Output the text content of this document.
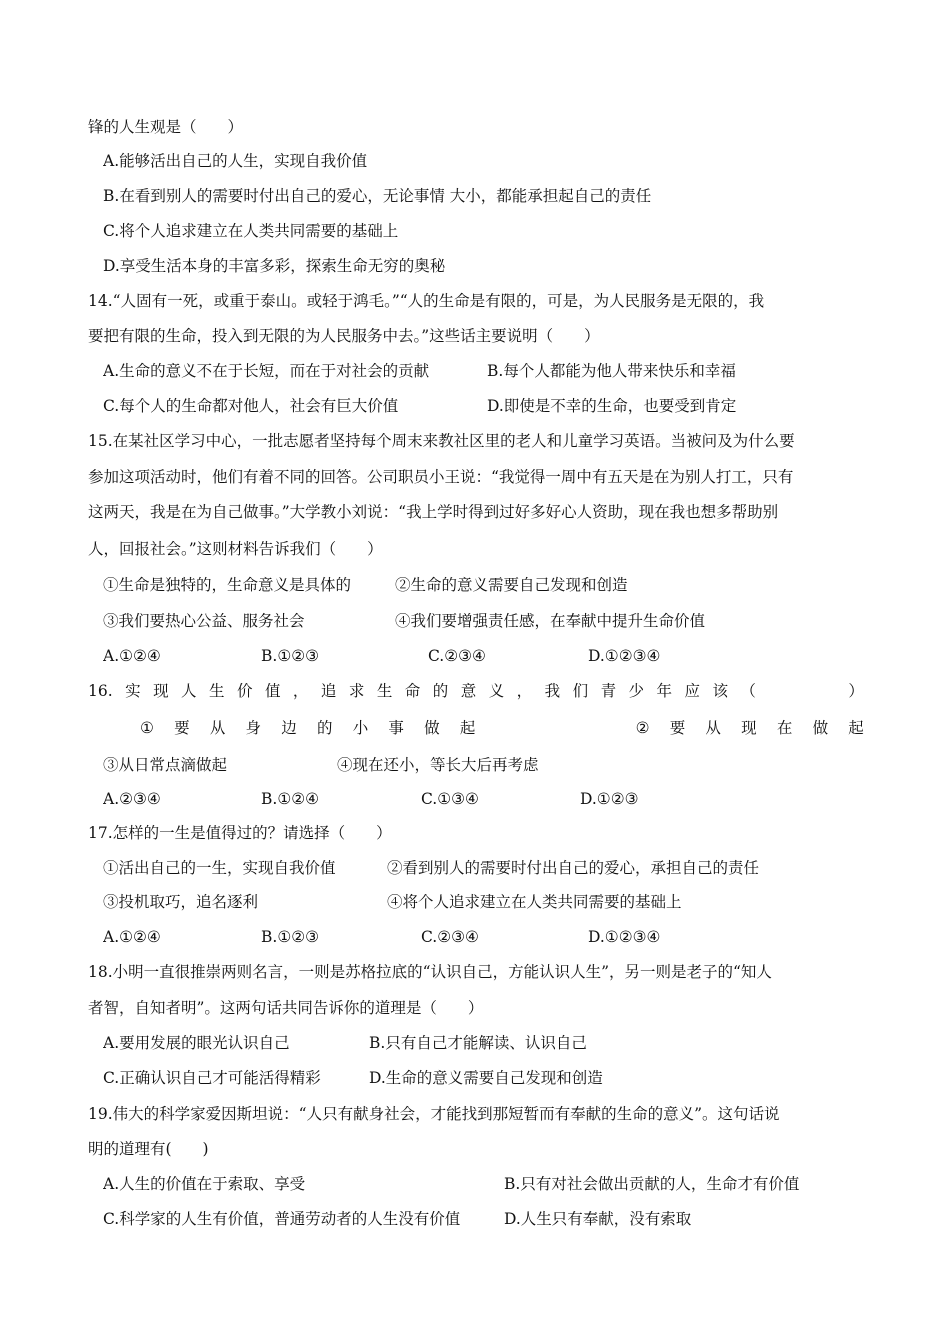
锋的人生观是（　　）
A.能够活出自己的人生，实现自我价值
B.在看到别人的需要时付出自己的爱心，无论事情 大小，都能承担起自己的责任
C.将个人追求建立在人类共同需要的基础上
D.享受生活本身的丰富多彩，探索生命无穷的奥秘
14.“人固有一死，或重于泰山。或轻于鸿毛。”“人的生命是有限的，可是，为人民服务是无限的，我
要把有限的生命，投入到无限的为人民服务中去。”这些话主要说明（　　）
A.生命的意义不在于长短，而在于对社会的贡献	B.每个人都能为他人带来快乐和幸福
C.每个人的生命都对他人，社会有巨大价值	D.即使是不幸的生命，也要受到肯定
15.在某社区学习中心，一批志愿者坚持每个周末来教社区里的老人和儿童学习英语。当被问及为什么要
参加这项活动时，他们有着不同的回答。公司职员小王说：“我觉得一周中有五天是在为别人打工，只有
这两天，我是在为自己做事。”大学教小刘说：“我上学时得到过好多好心人资助，现在我也想多帮助别
人，回报社会。”这则材料告诉我们（　　）
①生命是独特的，生命意义是具体的	②生命的意义需要自己发现和创造
③我们要热心公益、服务社会	④我们要增强责任感，在奉献中提升生命价值
A.①②④	B.①②③	C.②③④	D.①②③④
16. 实 现 人 生 价 值 ， 追 求 生 命 的 意 义 ， 我 们 青 少 年 应 该 （	）
① 要 从 身 边 的 小 事 做 起	② 要 从 现 在 做 起
③从日常点滴做起	④现在还小，等长大后再考虑
A.②③④	B.①②④	C.①③④	D.①②③
17.怎样的一生是值得过的？请选择（　　）
①活出自己的一生，实现自我价值	②看到别人的需要时付出自己的爱心，承担自己的责任
③投机取巧，追名逐利	④将个人追求建立在人类共同需要的基础上
A.①②④	B.①②③	C.②③④	D.①②③④
18.小明一直很推崇两则名言，一则是苏格拉底的“认识自己，方能认识人生”，另一则是老子的“知人
者智，自知者明”。这两句话共同告诉你的道理是（　　）
A.要用发展的眼光认识自己	B.只有自己才能解读、认识自己
C.正确认识自己才可能活得精彩	D.生命的意义需要自己发现和创造
19.伟大的科学家爱因斯坦说：“人只有献身社会，才能找到那短暂而有奉献的生命的意义”。这句话说
明的道理有(　　)
A.人生的价值在于索取、享受	B.只有对社会做出贡献的人，生命才有价值
C.科学家的人生有价值，普通劳动者的人生没有价值	D.人生只有奉献，没有索取
